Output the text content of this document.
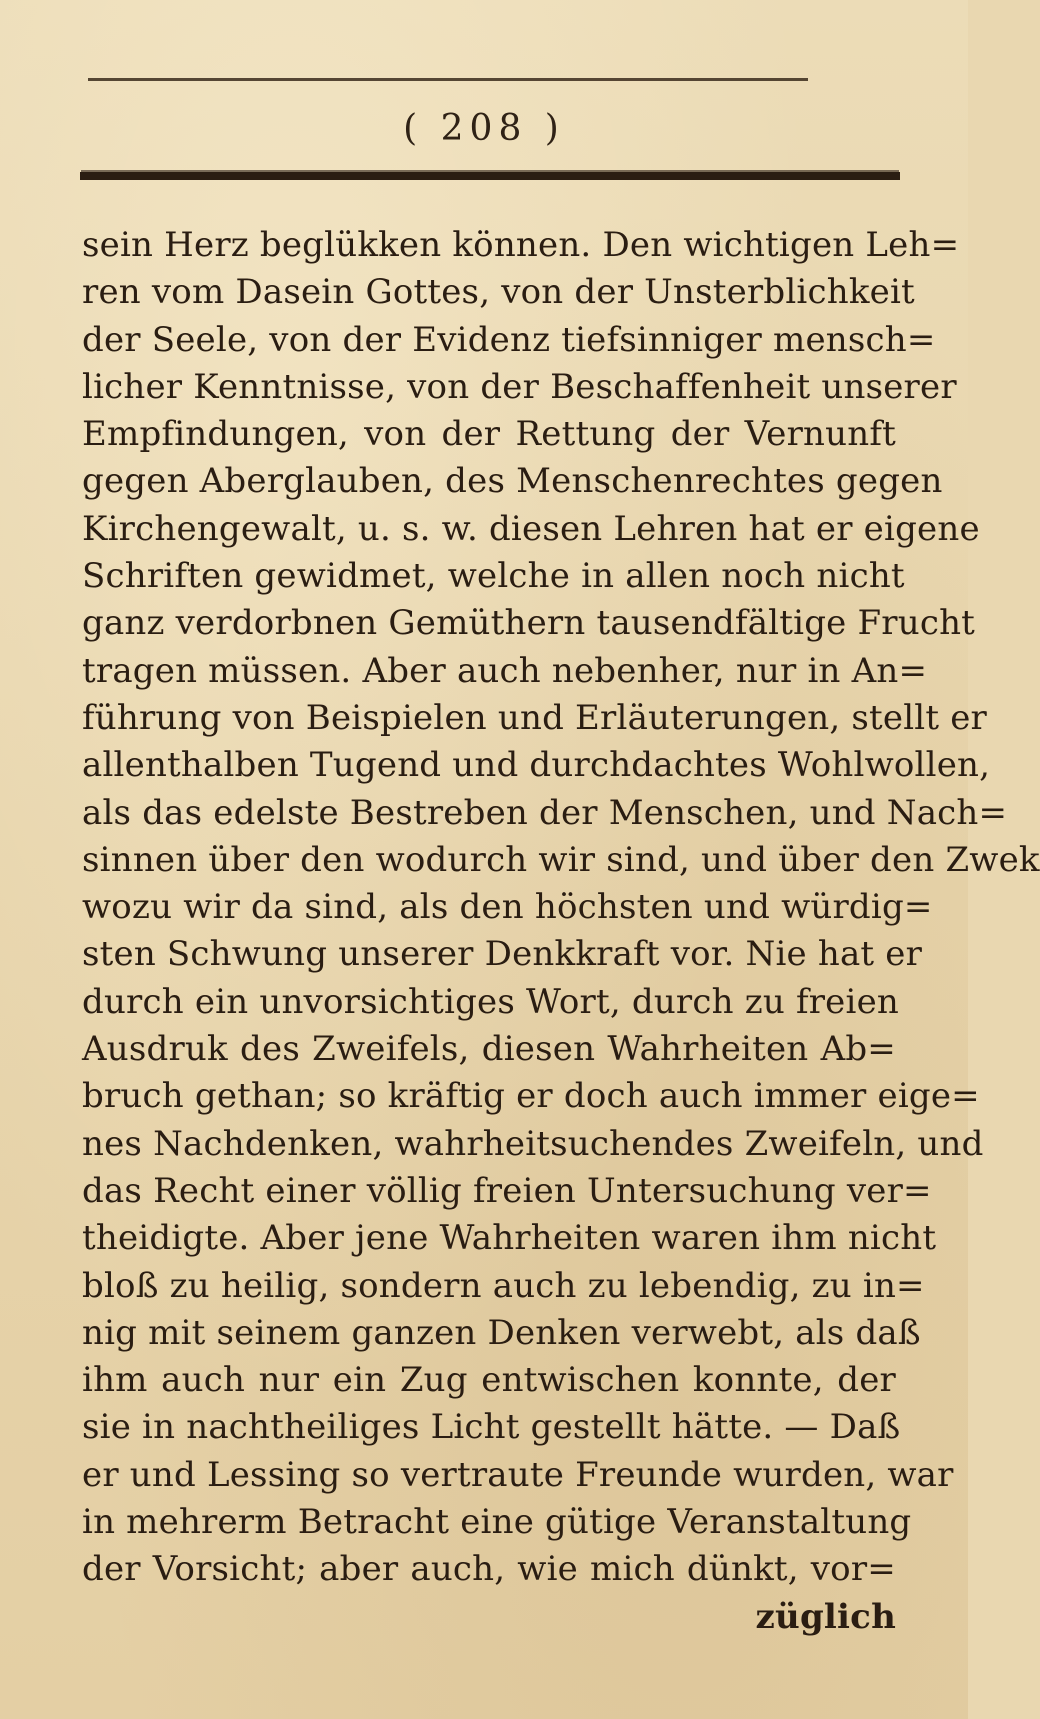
( 208 )
sein Herz beglükken können. Den wichtigen Leh=
ren vom Dasein Gottes, von der Unsterblichkeit
der Seele, von der Evidenz tiefsinniger mensch=
licher Kenntnisse, von der Beschaffenheit unserer
Empfindungen, von der Rettung der Vernunft
gegen Aberglauben, des Menschenrechtes gegen
Kirchengewalt, u. s. w. diesen Lehren hat er eigene
Schriften gewidmet, welche in allen noch nicht
ganz verdorbnen Gemüthern tausendfältige Frucht
tragen müssen. Aber auch nebenher, nur in An=
führung von Beispielen und Erläuterungen, stellt er
allenthalben Tugend und durchdachtes Wohlwollen,
als das edelste Bestreben der Menschen, und Nach=
sinnen über den wodurch wir sind, und über den Zwek
wozu wir da sind, als den höchsten und würdig=
sten Schwung unserer Denkkraft vor. Nie hat er
durch ein unvorsichtiges Wort, durch zu freien
Ausdruk des Zweifels, diesen Wahrheiten Ab=
bruch gethan; so kräftig er doch auch immer eige=
nes Nachdenken, wahrheitsuchendes Zweifeln, und
das Recht einer völlig freien Untersuchung ver=
theidigte. Aber jene Wahrheiten waren ihm nicht
bloß zu heilig, sondern auch zu lebendig, zu in=
nig mit seinem ganzen Denken verwebt, als daß
ihm auch nur ein Zug entwischen konnte, der
sie in nachtheiliges Licht gestellt hätte. — Daß
er und Lessing so vertraute Freunde wurden, war
in mehrerm Betracht eine gütige Veranstaltung
der Vorsicht; aber auch, wie mich dünkt, vor=
züglich
